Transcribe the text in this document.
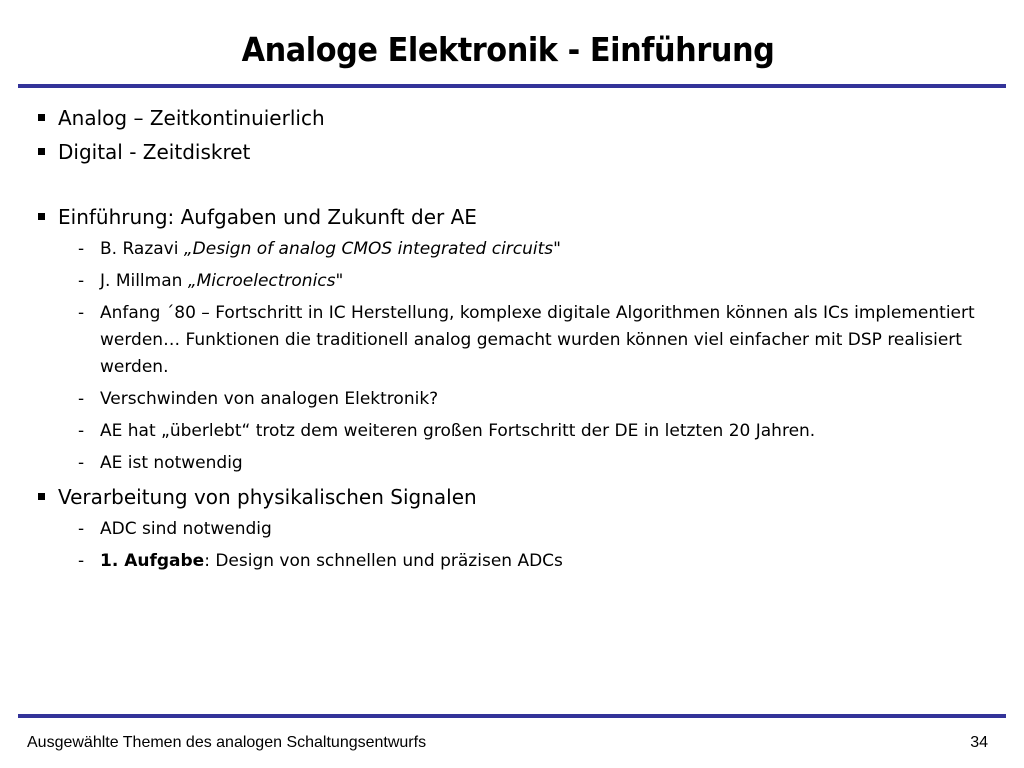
Analoge Elektronik - Einführung
Analog – Zeitkontinuierlich
Digital - Zeitdiskret
Einführung: Aufgaben und Zukunft der AE
- B. Razavi „Design of analog CMOS integrated circuits"
- J. Millman „Microelectronics"
- Anfang ´80 – Fortschritt in IC Herstellung, komplexe digitale Algorithmen können als ICs implementiert werden… Funktionen die traditionell analog gemacht wurden können viel einfacher mit DSP realisiert werden.
- Verschwinden von analogen Elektronik?
- AE hat „überlebt“ trotz dem weiteren großen Fortschritt der DE in letzten 20 Jahren.
- AE ist notwendig
Verarbeitung von physikalischen Signalen
- ADC sind notwendig
- 1. Aufgabe: Design von schnellen und präzisen ADCs
Ausgewählte Themen des analogen Schaltungsentwurfs	34
